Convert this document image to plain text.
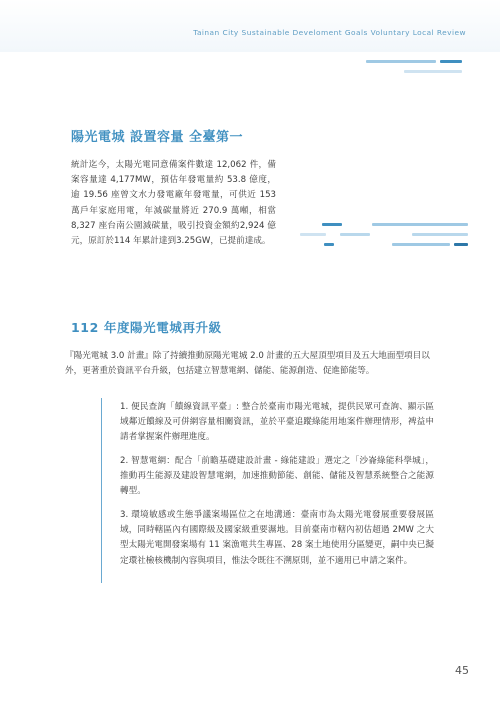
Tainan City Sustainable Develoment Goals Voluntary Local Review
陽光電城 設置容量 全臺第一

統計迄今，太陽光電同意備案件數達 12,062 件，備案容量達 4,177MW，預估年發電量約 53.8 億度，逾 19.56 座曾文水力發電廠年發電量，可供近 153 萬戶年家庭用電，年減碳量將近 270.9 萬噸，相當 8,327 座台南公園減碳量，吸引投資金額約2,924 億元，原訂於114 年累計達到3.25GW，已提前達成。

112 年度陽光電城再升級

『陽光電城 3.0 計畫』除了持續推動原陽光電城 2.0 計畫的五大屋頂型項目及五大地面型項目以外，更著重於資訊平台升級，包括建立智慧電網、儲能、能源創造、促進節能等。

1. 便民查詢「饋線資訊平臺」: 整合於臺南市陽光電城，提供民眾可查詢、顯示區域鄰近饋線及可併網容量相關資訊，並於平臺追蹤綠能用地案件辦理情形，裨益申請者掌握案件辦理進度。

2. 智慧電網：配合「前瞻基礎建設計畫 - 綠能建設」選定之「沙崙綠能科學城」，推動再生能源及建設智慧電網，加速推動節能、創能、儲能及智慧系統整合之能源轉型。

3. 環境敏感或生態爭議案場區位之在地溝通：臺南市為太陽光電發展重要發展區域，同時轄區內有國際級及國家級重要濕地。目前臺南市轄內初估超過 2MW 之大型太陽光電開發案場有 11 案漁電共生專區、28 案土地使用分區變更，嗣中央已擬定環社檢核機制內容與項目，惟法令既往不溯原則，並不適用已申請之案件。

45
